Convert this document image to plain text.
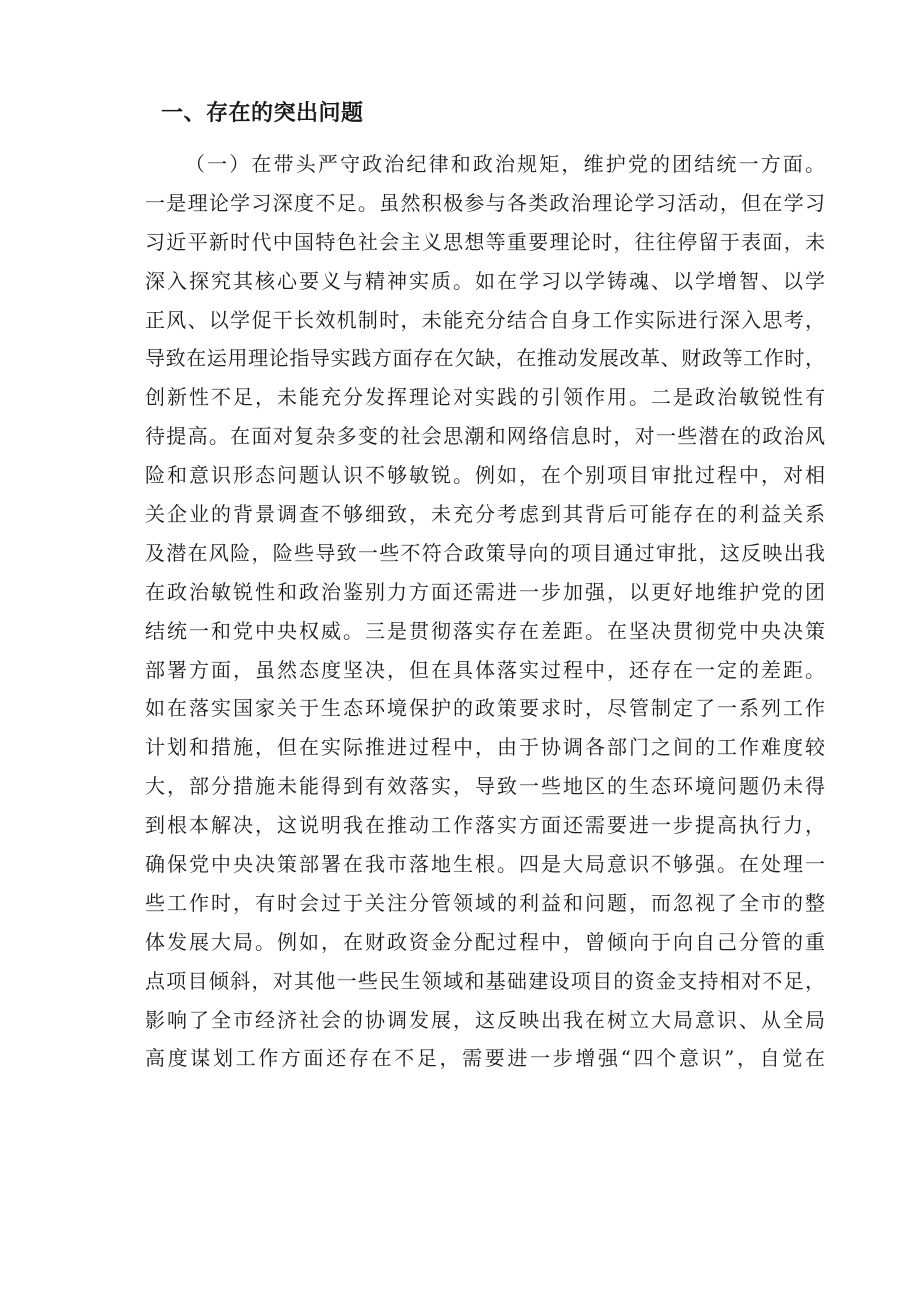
一、存在的突出问题
（一）在带头严守政治纪律和政治规矩，维护党的团结统一方面。
一是理论学习深度不足。虽然积极参与各类政治理论学习活动，但在学习
习近平新时代中国特色社会主义思想等重要理论时，往往停留于表面，未
深入探究其核心要义与精神实质。如在学习以学铸魂、以学增智、以学
正风、以学促干长效机制时，未能充分结合自身工作实际进行深入思考，
导致在运用理论指导实践方面存在欠缺，在推动发展改革、财政等工作时，
创新性不足，未能充分发挥理论对实践的引领作用。二是政治敏锐性有
待提高。在面对复杂多变的社会思潮和网络信息时，对一些潜在的政治风
险和意识形态问题认识不够敏锐。例如，在个别项目审批过程中，对相
关企业的背景调查不够细致，未充分考虑到其背后可能存在的利益关系
及潜在风险，险些导致一些不符合政策导向的项目通过审批，这反映出我
在政治敏锐性和政治鉴别力方面还需进一步加强，以更好地维护党的团
结统一和党中央权威。三是贯彻落实存在差距。在坚决贯彻党中央决策
部署方面，虽然态度坚决，但在具体落实过程中，还存在一定的差距。
如在落实国家关于生态环境保护的政策要求时，尽管制定了一系列工作
计划和措施，但在实际推进过程中，由于协调各部门之间的工作难度较
大，部分措施未能得到有效落实，导致一些地区的生态环境问题仍未得
到根本解决，这说明我在推动工作落实方面还需要进一步提高执行力，
确保党中央决策部署在我市落地生根。四是大局意识不够强。在处理一
些工作时，有时会过于关注分管领域的利益和问题，而忽视了全市的整
体发展大局。例如，在财政资金分配过程中，曾倾向于向自己分管的重
点项目倾斜，对其他一些民生领域和基础建设项目的资金支持相对不足，
影响了全市经济社会的协调发展，这反映出我在树立大局意识、从全局
高度谋划工作方面还存在不足，需要进一步增强“四个意识”，自觉在
